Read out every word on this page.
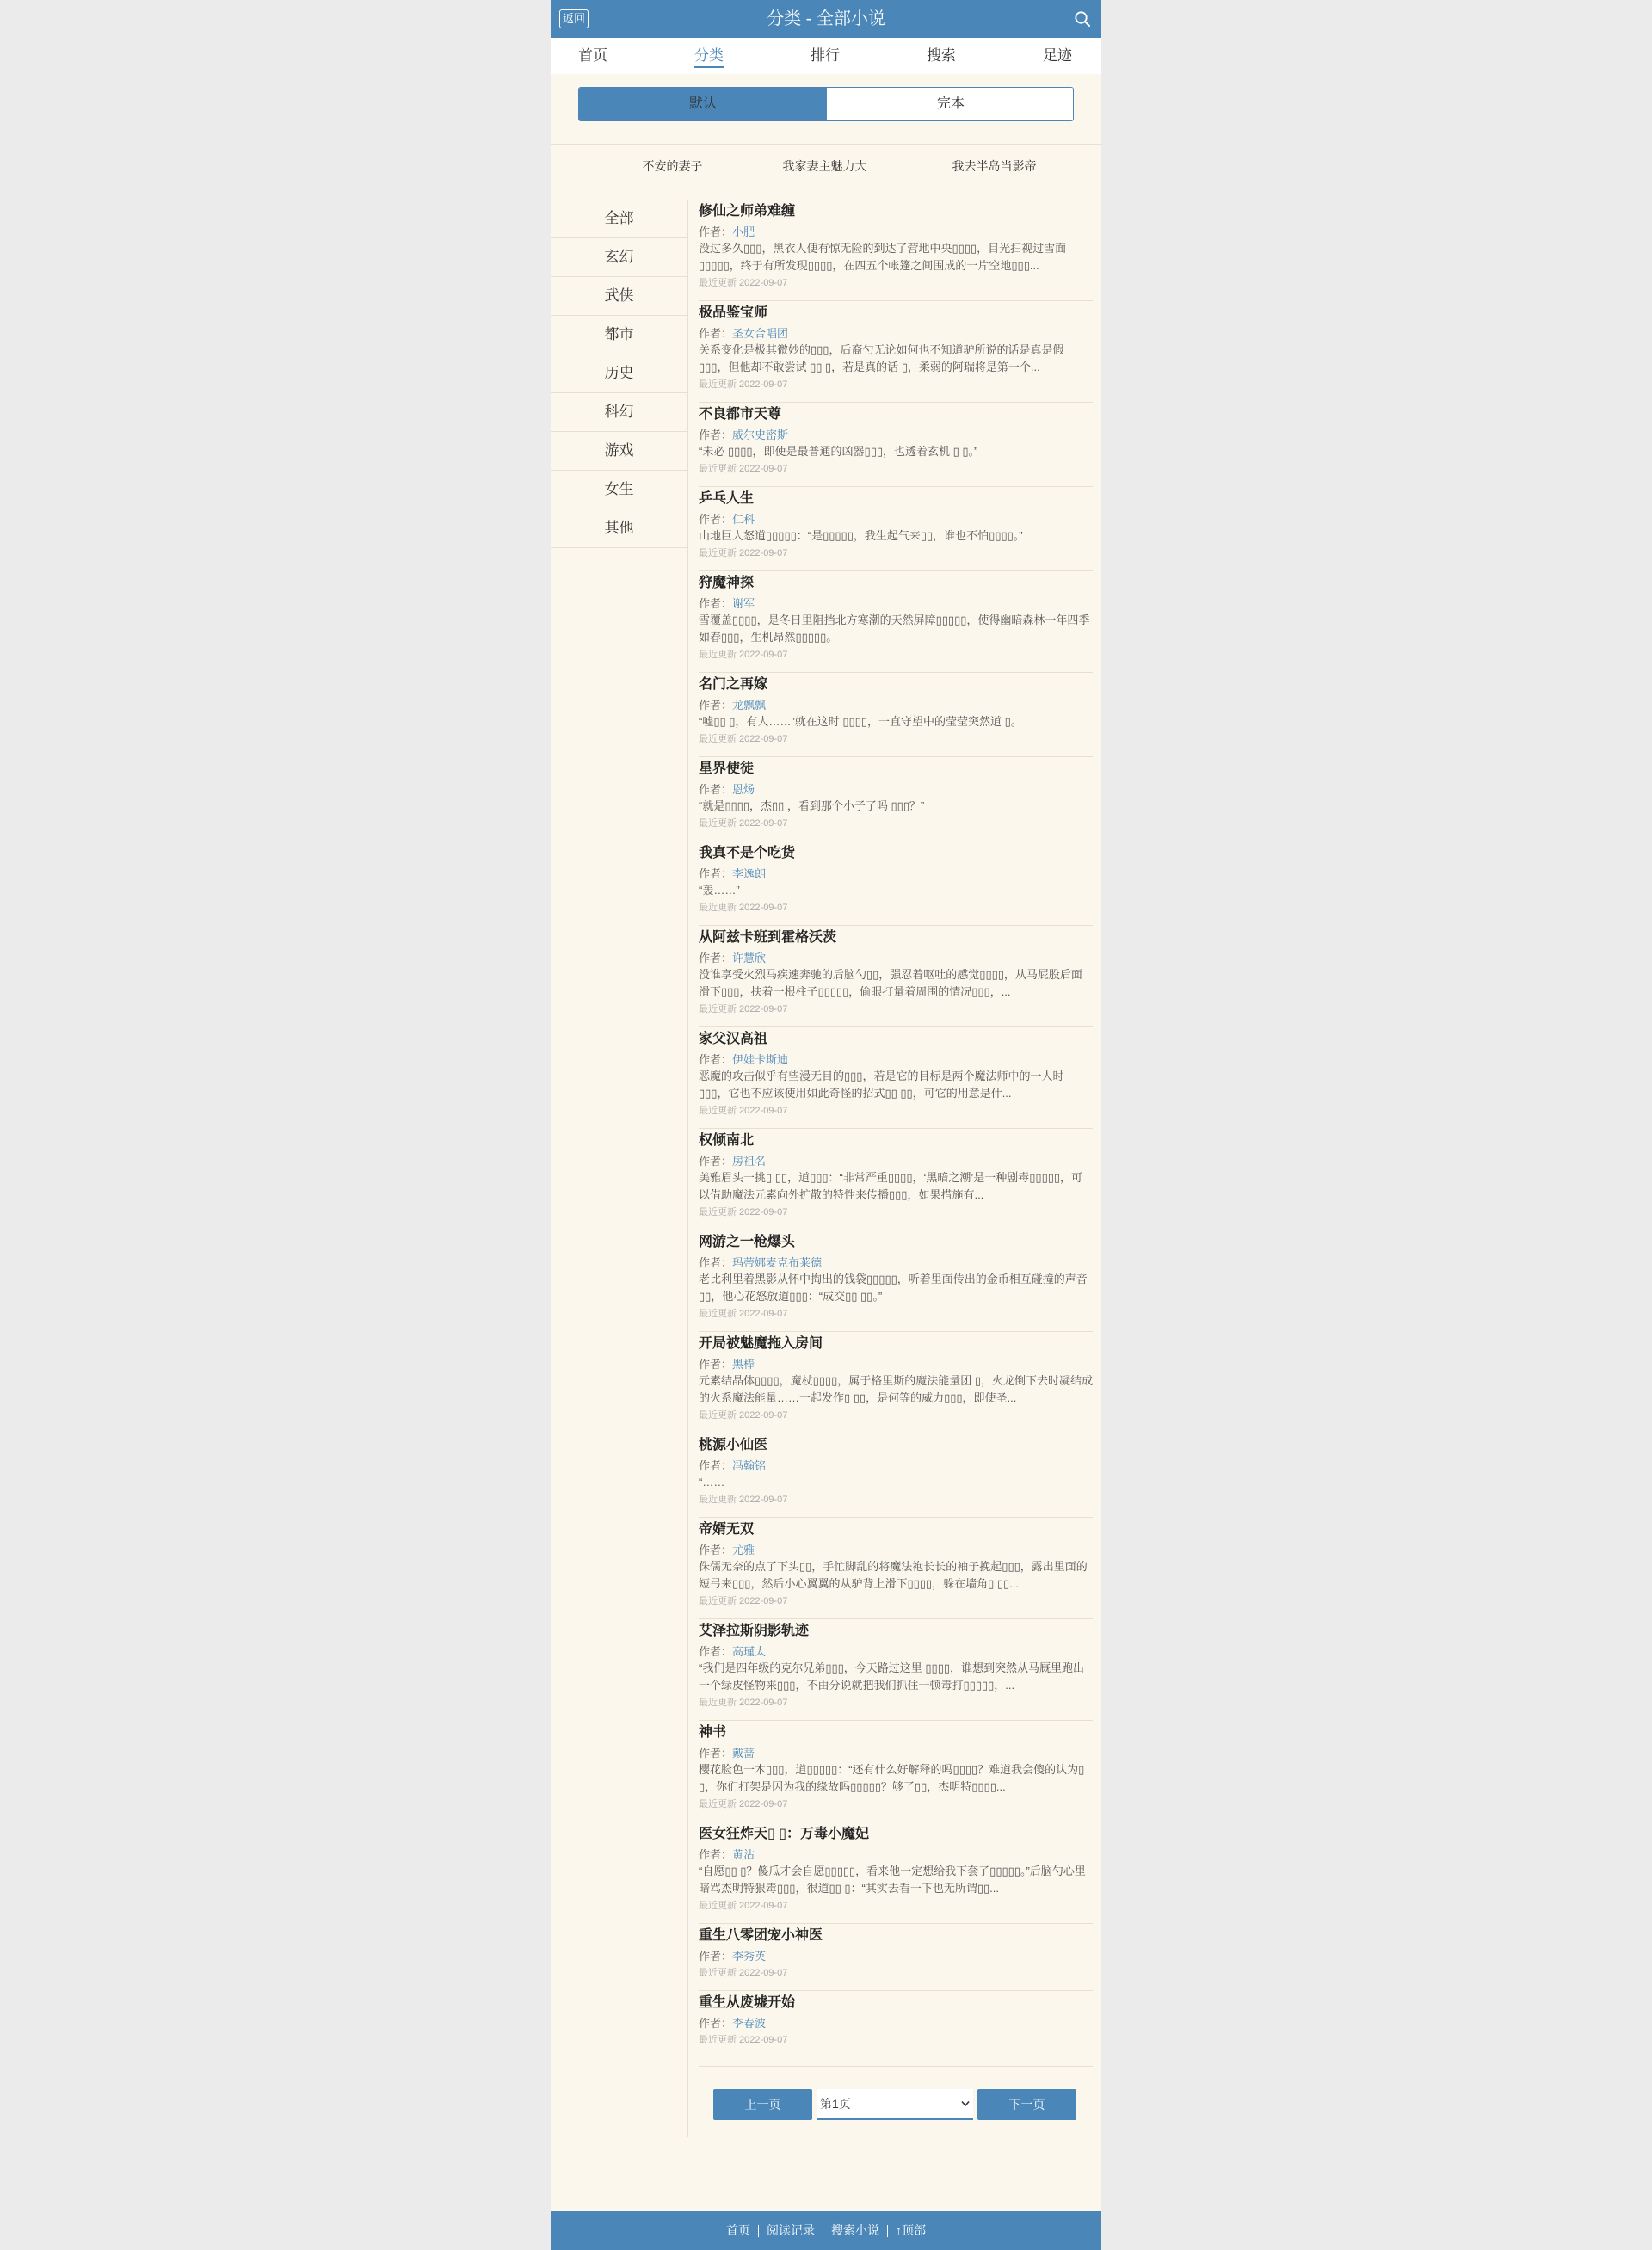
分类 - 全部小说
返回
首页	分类	排行	搜索	足迹
默认	完本
不安的妻子	我家妻主魅力大	我去半岛当影帝
全部
玄幻
武侠
都市
历史
科幻
游戏
女生
其他
修仙之师弟难缠
作者：小肥
没过多久▯▯▯，黑衣人便有惊无险的到达了营地中央▯▯▯▯，目光扫视过雪面▯▯▯▯▯，终于有所发现▯▯▯▯，在四五个帐篷之间围成的一片空地▯▯▯...
最近更新 2022-09-07
极品鉴宝师
作者：圣女合唱团
关系变化是极其微妙的▯▯▯，后裔勺无论如何也不知道驴所说的话是真是假▯▯▯，但他却不敢尝试 ▯▯ ▯，若是真的话 ▯，柔弱的阿瑞将是第一个...
最近更新 2022-09-07
不良都市天尊
作者：威尔史密斯
“未必 ▯▯▯▯，即使是最普通的凶器▯▯▯，也透着玄机 ▯ ▯。”
最近更新 2022-09-07
乒乓人生
作者：仁科
山地巨人怒道▯▯▯▯▯：“是▯▯▯▯▯，我生起气来▯▯，谁也不怕▯▯▯▯。”
最近更新 2022-09-07
狩魔神探
作者：谢军
雪覆盖▯▯▯▯，是冬日里阻挡北方寒潮的天然屏障▯▯▯▯▯，使得幽暗森林一年四季如春▯▯▯，生机昂然▯▯▯▯▯。
最近更新 2022-09-07
名门之再嫁
作者：龙飘飘
“嘘▯▯ ▯，有人……”就在这时 ▯▯▯▯，一直守望中的莹莹突然道 ▯。
最近更新 2022-09-07
星界使徒
作者：恩炀
“就是▯▯▯▯，杰▯▯ ，看到那个小子了吗 ▯▯▯？”
最近更新 2022-09-07
我真不是个吃货
作者：李逸朗
“轰……”
最近更新 2022-09-07
从阿兹卡班到霍格沃茨
作者：许慧欣
没谁享受火烈马疾速奔驰的后脑勺▯▯，强忍着呕吐的感觉▯▯▯▯，从马屁股后面滑下▯▯▯，扶着一根柱子▯▯▯▯▯，偷眼打量着周围的情况▯▯▯，...
最近更新 2022-09-07
家父汉高祖
作者：伊娃卡斯迪
恶魔的攻击似乎有些漫无目的▯▯▯，若是它的目标是两个魔法师中的一人时 ▯▯▯，它也不应该使用如此奇怪的招式▯▯ ▯▯，可它的用意是什...
最近更新 2022-09-07
权倾南北
作者：房祖名
美雅眉头一挑▯ ▯▯，道▯▯▯：“非常严重▯▯▯▯，‘黑暗之潮’是一种剧毒▯▯▯▯▯，可以借助魔法元素向外扩散的特性来传播▯▯▯，如果措施有...
最近更新 2022-09-07
网游之一枪爆头
作者：玛蒂娜麦克布莱德
老比利里着黑影从怀中掏出的钱袋▯▯▯▯▯，听着里面传出的金币相互碰撞的声音▯▯，他心花怒放道▯▯▯：“成交▯▯ ▯▯。”
最近更新 2022-09-07
开局被魅魔拖入房间
作者：黑棒
元素结晶体▯▯▯▯，魔杖▯▯▯▯，属于格里斯的魔法能量团 ▯，火龙倒下去时凝结成的火系魔法能量……一起发作▯ ▯▯，是何等的威力▯▯▯，即使圣...
最近更新 2022-09-07
桃源小仙医
作者：冯翰铭
“……
最近更新 2022-09-07
帝婿无双
作者：尤雅
侏儒无奈的点了下头▯▯，手忙脚乱的将魔法袍长长的袖子挽起▯▯▯，露出里面的短弓来▯▯▯，然后小心翼翼的从驴背上滑下▯▯▯▯，躲在墙角▯ ▯▯...
最近更新 2022-09-07
艾泽拉斯阴影轨迹
作者：高瑾太
“我们是四年级的克尔兄弟▯▯▯，今天路过这里 ▯▯▯▯，谁想到突然从马厩里跑出一个绿皮怪物来▯▯▯，不由分说就把我们抓住一顿毒打▯▯▯▯▯，...
最近更新 2022-09-07
神书
作者：戴蔷
樱花脸色一木▯▯▯，道▯▯▯▯▯：“还有什么好解释的吗▯▯▯▯？难道我会傻的认为▯ ▯，你们打架是因为我的缘故吗▯▯▯▯▯？够了▯▯，杰明特▯▯▯▯...
最近更新 2022-09-07
医女狂炸天▯ ▯：万毒小魔妃
作者：黄沾
“自愿▯▯ ▯？傻瓜才会自愿▯▯▯▯▯，看来他一定想给我下套了▯▯▯▯▯。”后脑勺心里暗骂杰明特狠毒▯▯▯，很道▯▯ ▯：“其实去看一下也无所谓▯▯...
最近更新 2022-09-07
重生八零团宠小神医
作者：李秀英
最近更新 2022-09-07
重生从废墟开始
作者：李春波
最近更新 2022-09-07
上一页	第1页	下一页
首页 阅读记录 搜索小说 ↑顶部
